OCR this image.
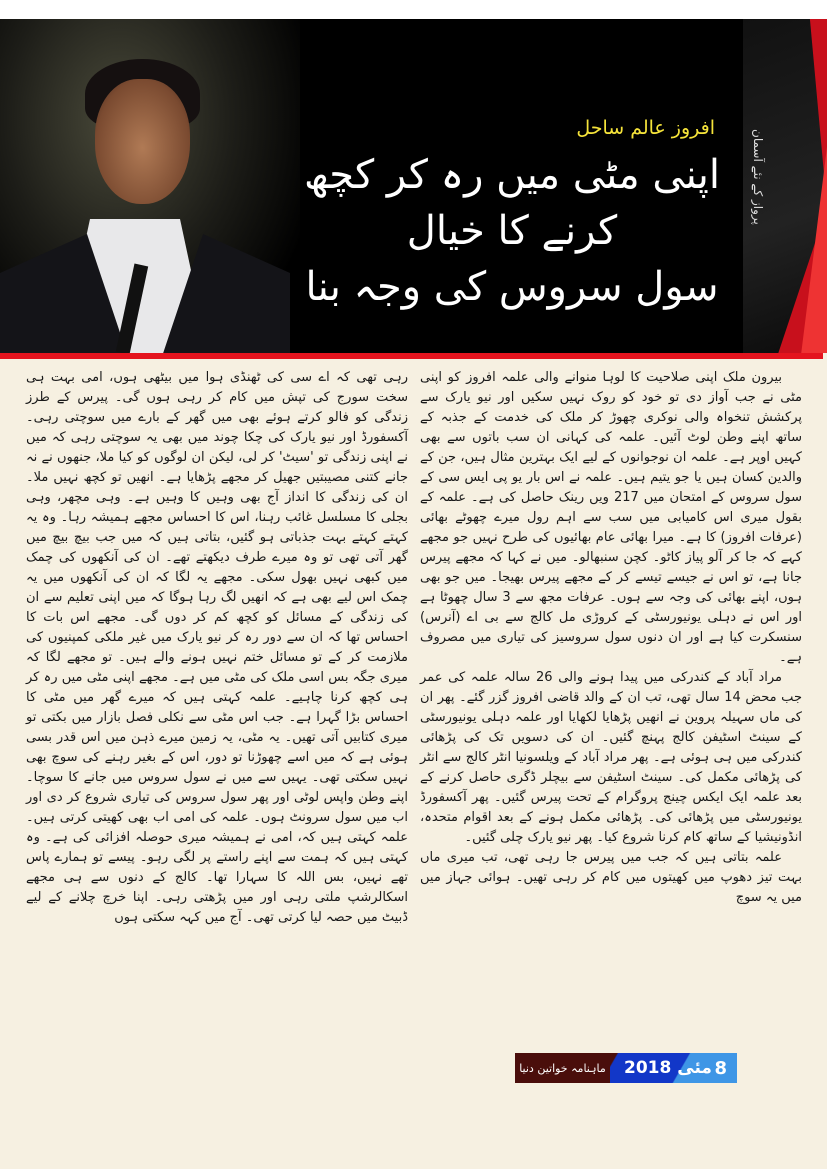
افروز عالم ساحل
اپنی مٹی میں رہ کر کچھ کرنے کا خیال
سول سروس کی وجہ بنا
پرواز کے نئے آسمان

بیرون ملک اپنی صلاحیت کا لوہا منوانے والی علمہ افروز کو اپنی مٹی نے جب آواز دی تو خود کو روک نہیں سکیں اور نیو یارک سے پرکشش تنخواہ والی نوکری چھوڑ کر ملک کی خدمت کے جذبہ کے ساتھ اپنے وطن لوٹ آئیں۔ علمہ کی کہانی ان سب باتوں سے بھی کہیں اوپر ہے۔ علمہ ان نوجوانوں کے لیے ایک بہترین مثال ہیں، جن کے والدین کسان ہیں یا جو یتیم ہیں۔ علمہ نے اس بار یو پی ایس سی کے سول سروس کے امتحان میں 217 ویں رینک حاصل کی ہے۔ علمہ کے بقول میری اس کامیابی میں سب سے اہم رول میرے چھوٹے بھائی (عرفات افروز) کا ہے۔ میرا بھائی عام بھائیوں کی طرح نہیں جو مجھے کہے کہ جا کر آلو پیاز کاٹو۔ کچن سنبھالو۔ میں نے کہا کہ مجھے پیرس جانا ہے، تو اس نے جیسے تیسے کر کے مجھے پیرس بھیجا۔ میں جو بھی ہوں، اپنے بھائی کی وجہ سے ہوں۔ عرفات مجھ سے 3 سال چھوٹا ہے اور اس نے دہلی یونیورسٹی کے کروڑی مل کالج سے بی اے (آنرس) سنسکرت کیا ہے اور ان دنوں سول سروسیز کی تیاری میں مصروف ہے۔

مراد آباد کے کندرکی میں پیدا ہونے والی 26 سالہ علمہ کی عمر جب محض 14 سال تھی، تب ان کے والد قاضی افروز گزر گئے۔ پھر ان کی ماں سہیلہ پروین نے انھیں پڑھایا لکھایا اور علمہ دہلی یونیورسٹی کے سینٹ اسٹیفن کالج پہنچ گئیں۔ ان کی دسویں تک کی پڑھائی کندرکی میں ہی ہوئی ہے۔ پھر مراد آباد کے ویلسونیا انٹر کالج سے انٹر کی پڑھائی مکمل کی۔ سینٹ اسٹیفن سے بیچلر ڈگری حاصل کرنے کے بعد علمہ ایک ایکس چینج پروگرام کے تحت پیرس گئیں۔ پھر آکسفورڈ یونیورسٹی میں پڑھائی کی۔ پڑھائی مکمل ہونے کے بعد اقوام متحدہ، انڈونیشیا کے ساتھ کام کرنا شروع کیا۔ پھر نیو یارک چلی گئیں۔

علمہ بتاتی ہیں کہ جب میں پیرس جا رہی تھی، تب میری ماں بہت تیز دھوپ میں کھیتوں میں کام کر رہی تھیں۔ ہوائی جہاز میں میں یہ سوچ

رہی تھی کہ اے سی کی ٹھنڈی ہوا میں بیٹھی ہوں، امی بہت ہی سخت سورج کی تپش میں کام کر رہی ہوں گی۔ پیرس کے طرز زندگی کو فالو کرتے ہوئے بھی میں گھر کے بارے میں سوچتی رہی۔ آکسفورڈ اور نیو یارک کی چکا چوند میں بھی یہ سوچتی رہی کہ میں نے اپنی زندگی تو 'سیٹ' کر لی، لیکن ان لوگوں کو کیا ملا، جنھوں نے نہ جانے کتنی مصیبتیں جھیل کر مجھے پڑھایا ہے۔ انھیں تو کچھ نہیں ملا۔ ان کی زندگی کا انداز آج بھی وہیں کا وہیں ہے۔ وہی مچھر، وہی بجلی کا مسلسل غائب رہنا، اس کا احساس مجھے ہمیشہ رہا۔ وہ یہ کہتے کہتے بہت جذباتی ہو گئیں، بتاتی ہیں کہ میں جب بیچ بیچ میں گھر آتی تھی تو وہ میرے طرف دیکھتے تھے۔ ان کی آنکھوں کی چمک میں کبھی نہیں بھول سکی۔ مجھے یہ لگا کہ ان کی آنکھوں میں یہ چمک اس لیے بھی ہے کہ انھیں لگ رہا ہوگا کہ میں اپنی تعلیم سے ان کی زندگی کے مسائل کو کچھ کم کر دوں گی۔ مجھے اس بات کا احساس تھا کہ ان سے دور رہ کر نیو یارک میں غیر ملکی کمپنیوں کی ملازمت کر کے تو مسائل ختم نہیں ہونے والے ہیں۔ تو مجھے لگا کہ میری جگہ بس اسی ملک کی مٹی میں ہے۔ مجھے اپنی مٹی میں رہ کر ہی کچھ کرنا چاہیے۔ علمہ کہتی ہیں کہ میرے گھر میں مٹی کا احساس بڑا گہرا ہے۔ جب اس مٹی سے نکلی فصل بازار میں بکتی تو میری کتابیں آتی تھیں۔ یہ مٹی، یہ زمین میرے ذہن میں اس قدر بسی ہوئی ہے کہ میں اسے چھوڑنا تو دور، اس کے بغیر رہنے کی سوچ بھی نہیں سکتی تھی۔ یہیں سے میں نے سول سروس میں جانے کا سوچا۔ اپنے وطن واپس لوٹی اور پھر سول سروس کی تیاری شروع کر دی اور اب میں سول سرونٹ ہوں۔ علمہ کی امی اب بھی کھیتی کرتی ہیں۔ علمہ کہتی ہیں کہ، امی نے ہمیشہ میری حوصلہ افزائی کی ہے۔ وہ کہتی ہیں کہ ہمت سے اپنے راستے پر لگی رہو۔ پیسے تو ہمارے پاس تھے نہیں، بس اللہ کا سہارا تھا۔ کالج کے دنوں سے ہی مجھے اسکالرشپ ملتی رہی اور میں پڑھتی رہی۔ اپنا خرچ چلانے کے لیے ڈبیٹ میں حصہ لیا کرتی تھی۔ آج میں کہہ سکتی ہوں

ماہنامہ خواتین دنیا مئی 2018 8
